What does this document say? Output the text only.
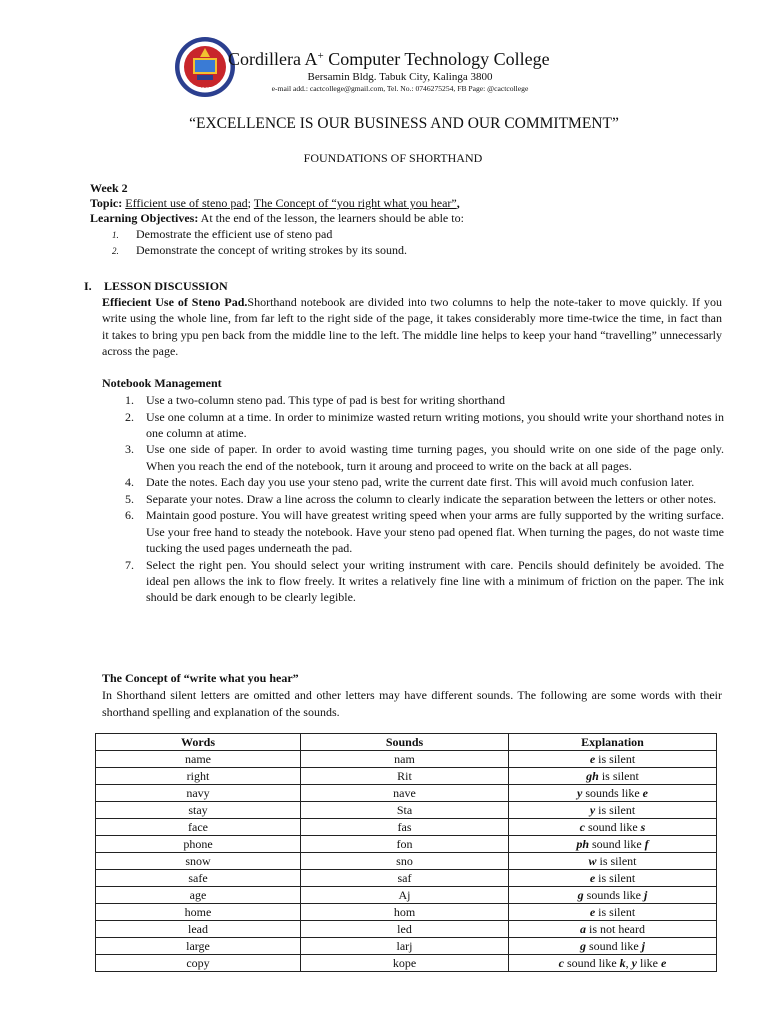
2007
Cordillera A+ Computer Technology College
Bersamin Bldg. Tabuk City, Kalinga 3800
e-mail add.: cactcollege@gmail.com, Tel. No.: 0746275254, FB Page: @cactcollege
“EXCELLENCE IS OUR BUSINESS AND OUR COMMITMENT”
FOUNDATIONS OF SHORTHAND
Week 2
Topic: Efficient use of steno pad; The Concept of “you right what you hear”,
Learning Objectives: At the end of the lesson, the learners should be able to:
1. Demostrate the efficient use of steno pad
2. Demonstrate the concept of writing strokes by its sound.
I. LESSON DISCUSSION

Effiecient Use of Steno Pad.Shorthand notebook are divided into two columns to help the note-taker to move quickly. If you write using the whole line, from far left to the right side of the page, it takes considerably more time-twice the time, in fact than it takes to bring ypu pen back from the middle line to the left. The middle line helps to keep your hand “travelling” unnecessarly across the page.

Notebook Management
1. Use a two-column steno pad. This type of pad is best for writing shorthand
2. Use one column at a time. In order to minimize wasted return writing motions, you should write your shorthand notes in one column at atime.
3. Use one side of paper. In order to avoid wasting time turning pages, you should write on one side of the page only. When you reach the end of the notebook, turn it aroung and proceed to write on the back at all pages.
4. Date the notes. Each day you use your steno pad, write the current date first. This will avoid much confusion later.
5. Separate your notes. Draw a line across the column to clearly indicate the separation between the letters or other notes.
6. Maintain good posture. You will have greatest writing speed when your arms are fully supported by the writing surface. Use your free hand to steady the notebook. Have your steno pad opened flat. When turning the pages, do not waste time tucking the used pages underneath the pad.
7. Select the right pen. You should select your writing instrument with care. Pencils should definitely be avoided. The ideal pen allows the ink to flow freely. It writes a relatively fine line with a minimum of friction on the paper. The ink should be dark enough to be clearly legible.
The Concept of “write what you hear”

In Shorthand silent letters are omitted and other letters may have different sounds. The following are some words with their shorthand spelling and explanation of the sounds.

Words	Sounds	Explanation
name	nam	e is silent
right	Rit	gh is silent
navy	nave	y sounds like e
stay	Sta	y is silent
face	fas	c sound like s
phone	fon	ph sound like f
snow	sno	w is silent
safe	saf	e is silent
age	Aj	g sounds like j
home	hom	e is silent
lead	led	a is not heard
large	larj	g sound like j
copy	kope	c sound like k, y like e
